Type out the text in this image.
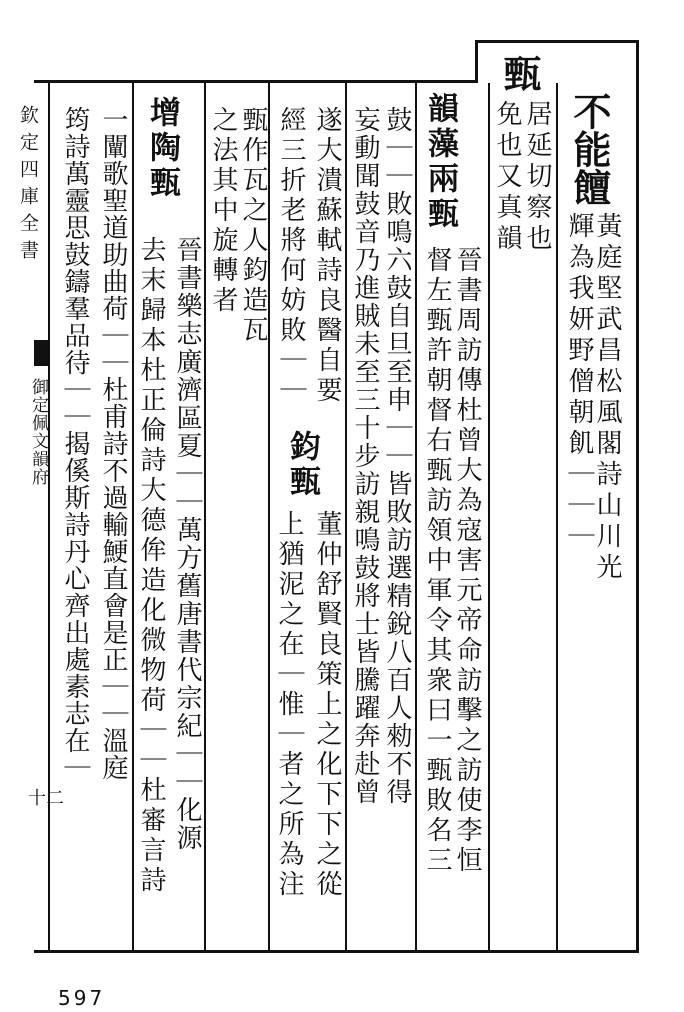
欽定四庫全書
御定佩文韻府
十二
597
不能饘
黃庭堅武昌松風閣詩山川光
輝為我妍野僧朝飢｜｜｜
甄
居延切察也
免也又真韻
韻藻兩甄
晉書周訪傳杜曾大為寇害元帝命訪擊之訪使李恒
督左甄許朝督右甄訪領中軍令其衆曰一甄敗名三
鼓｜｜敗鳴六鼓自旦至申｜｜皆敗訪選精銳八百人勑不得
妄動聞鼓音乃進賊未至三十步訪親鳴鼓將士皆騰躍奔赴曾
遂大潰蘇軾詩良醫自要
經三折老將何妨敗｜｜
鈞甄
董仲舒賢良策上之化下下之從
上猶泥之在｜惟｜者之所為注
甄作瓦之人鈞造瓦
之法其中旋轉者
增陶甄
晉書樂志廣濟區夏｜｜萬方舊唐書代宗紀｜｜化源
去末歸本杜正倫詩大德侔造化微物荷｜｜杜審言詩
一闡歌聖道助曲荷｜｜杜甫詩不過輸鯁直會是正｜｜溫庭
筠詩萬靈思鼓鑄羣品待｜｜揭傒斯詩丹心齊出處素志在｜
